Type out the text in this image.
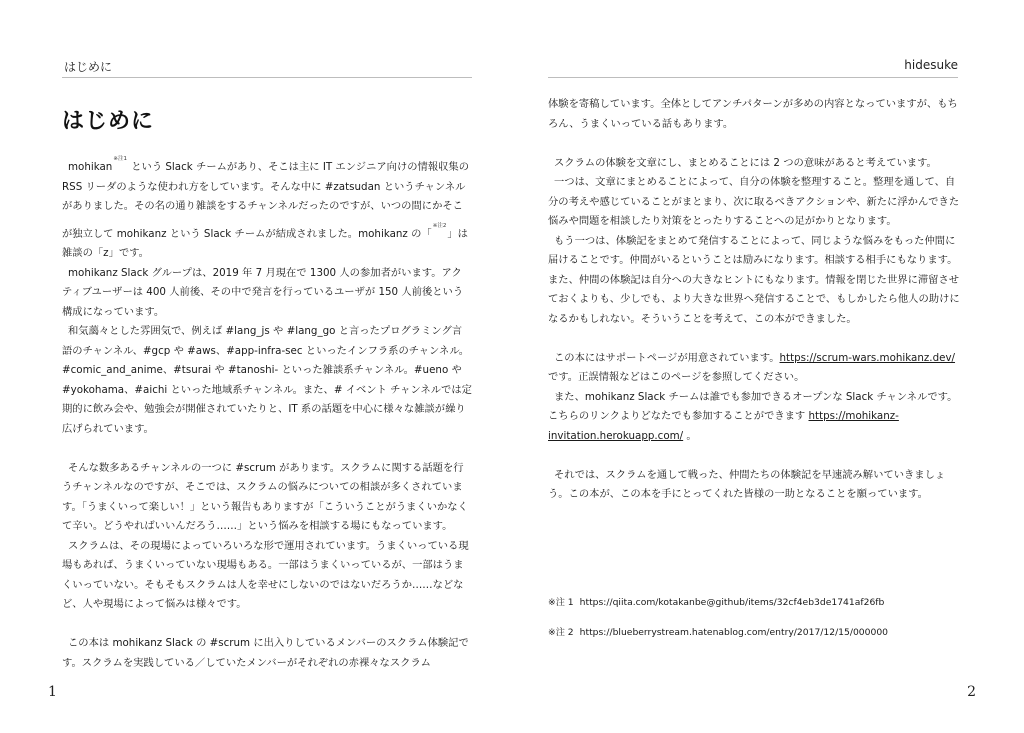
はじめに
はじめに

mohikan$^{※注1}$ という Slack チームがあり、そこは主に IT エンジニア向けの情報収集の RSS リーダのような使われ方をしています。そんな中に #zatsudan というチャンネルがありました。その名の通り雑談をするチャンネルだったのですが、いつの間にかそこが独立して mohikanz という Slack チームが結成されました。mohikanz の「$^{※注2}$」は雑談の「z」です。

mohikanz Slack グループは、2019 年 7 月現在で 1300 人の参加者がいます。アクティブユーザーは 400 人前後、その中で発言を行っているユーザが 150 人前後という構成になっています。

和気藹々とした雰囲気で、例えば #lang_js や #lang_go と言ったプログラミング言語のチャンネル、#gcp や #aws、#app-infra-sec といったインフラ系のチャンネル。#comic_and_anime、#tsurai や #tanoshi- といった雑談系チャンネル。#ueno や #yokohama、#aichi といった地域系チャンネル。また、# イベント チャンネルでは定期的に飲み会や、勉強会が開催されていたりと、IT 系の話題を中心に様々な雑談が繰り広げられています。

そんな数多あるチャンネルの一つに #scrum があります。スクラムに関する話題を行うチャンネルなのですが、そこでは、スクラムの悩みについての相談が多くされています。「うまくいって楽しい！」という報告もありますが「こういうことがうまくいかなくて辛い。どうやればいいんだろう……」という悩みを相談する場にもなっています。

スクラムは、その現場によっていろいろな形で運用されています。うまくいっている現場もあれば、うまくいっていない現場もある。一部はうまくいっているが、一部はうまくいっていない。そもそもスクラムは人を幸せにしないのではないだろうか……などなど、人や現場によって悩みは様々です。

この本は mohikanz Slack の #scrum に出入りしているメンバーのスクラム体験記です。スクラムを実践している／していたメンバーがそれぞれの赤裸々なスクラム

1
hidesuke

体験を寄稿しています。全体としてアンチパターンが多めの内容となっていますが、もちろん、うまくいっている話もあります。

スクラムの体験を文章にし、まとめることには 2 つの意味があると考えています。

一つは、文章にまとめることによって、自分の体験を整理すること。整理を通して、自分の考えや感じていることがまとまり、次に取るべきアクションや、新たに浮かんできた悩みや問題を相談したり対策をとったりすることへの足がかりとなります。

もう一つは、体験記をまとめて発信することによって、同じような悩みをもった仲間に届けることです。仲間がいるということは励みになります。相談する相手にもなります。また、仲間の体験記は自分への大きなヒントにもなります。情報を閉じた世界に滞留させておくよりも、少しでも、より大きな世界へ発信することで、もしかしたら他人の助けになるかもしれない。そういうことを考えて、この本ができました。

この本にはサポートページが用意されています。https://scrum-wars.mohikanz.dev/ です。正誤情報などはこのページを参照してください。

また、mohikanz Slack チームは誰でも参加できるオープンな Slack チャンネルです。こちらのリンクよりどなたでも参加することができます https://mohikanz-invitation.herokuapp.com/ 。

それでは、スクラムを通して戦った、仲間たちの体験記を早速読み解いていきましょう。この本が、この本を手にとってくれた皆様の一助となることを願っています。

※注 1 https://qiita.com/kotakanbe@github/items/32cf4eb3de1741af26fb
※注 2 https://blueberrystream.hatenablog.com/entry/2017/12/15/000000
2
